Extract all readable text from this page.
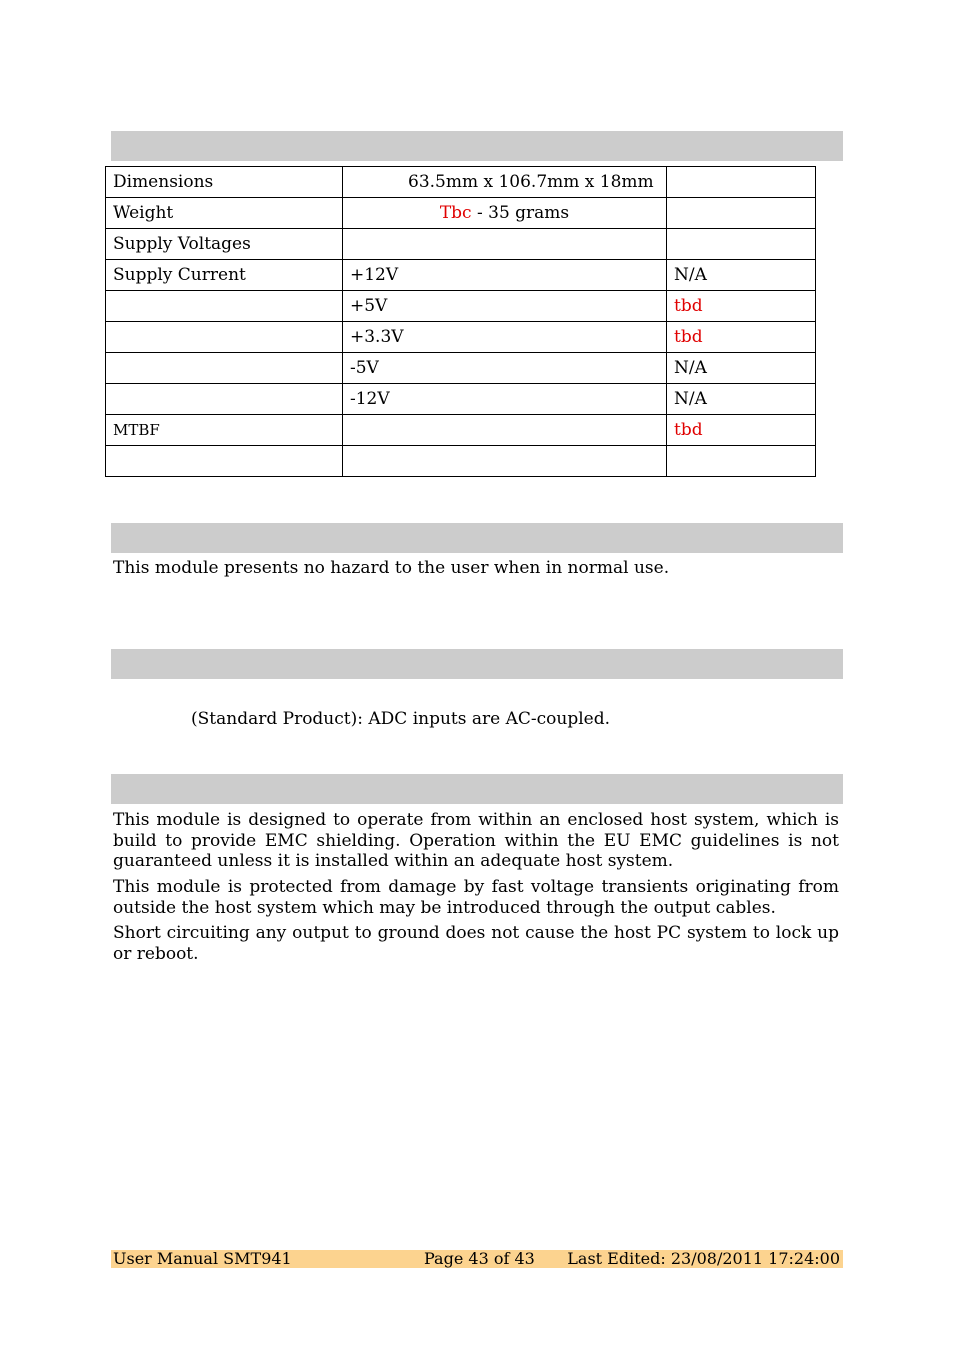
Dimensions	63.5mm x 106.7mm x 18mm	
Weight	Tbc - 35 grams	
Supply Voltages		
Supply Current	+12V	N/A
	+5V	tbd
	+3.3V	tbd
	-5V	N/A
	-12V	N/A
MTBF		tbd

This module presents no hazard to the user when in normal use.

(Standard Product): ADC inputs are AC-coupled.

This module is designed to operate from within an enclosed host system, which is build to provide EMC shielding. Operation within the EU EMC guidelines is not guaranteed unless it is installed within an adequate host system.

This module is protected from damage by fast voltage transients originating from outside the host system which may be introduced through the output cables.

Short circuiting any output to ground does not cause the host PC system to lock up or reboot.

User Manual SMT941	Page 43 of 43 Last Edited: 23/08/2011 17:24:00
